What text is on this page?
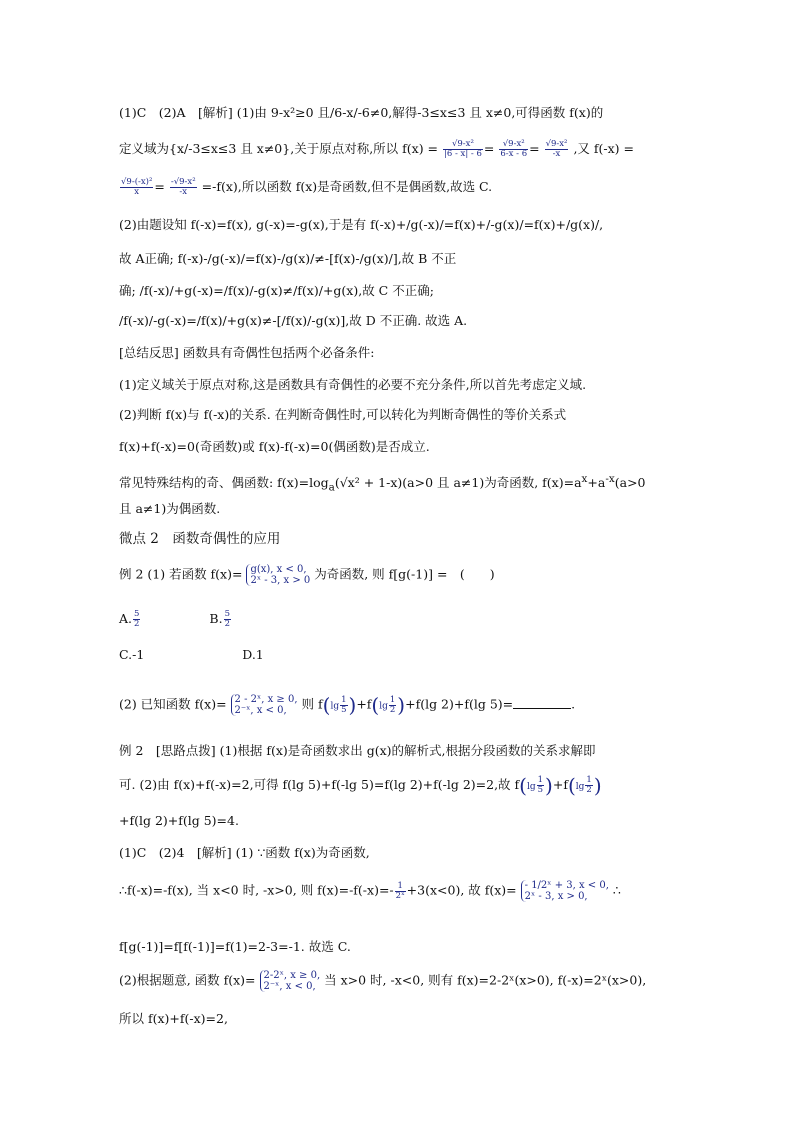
(1)C　(2)A　[解析] (1)由 9-x²≥0 且/6-x/-6≠0,解得-3≤x≤3 且 x≠0,可得函数 f(x)的
定义域为{x/-3≤x≤3 且 x≠0},关于原点对称,所以 $f(x) = \frac{\text{√9-x²}}{|6 - x| - 6} = \frac{\text{√9-x²}}{6-x - 6} = \frac{\text{√9-x²}}{-x}$ ,又 f(-x) =
$\frac{\text{√9-(-x)²}}{x} = \frac{\text{-√9-x²}}{-x} =-f(x)$,所以函数 f(x)是奇函数,但不是偶函数,故选 C.
(2)由题设知 f(-x)=f(x), g(-x)=-g(x),于是有 f(-x)+/g(-x)/=f(x)+/-g(x)/=f(x)+/g(x)/,
故 A正确; f(-x)-/g(-x)/=f(x)-/g(x)/≠-[f(x)-/g(x)/],故 B 不正
确; /f(-x)/+g(-x)=/f(x)/-g(x)≠/f(x)/+g(x),故 C 不正确;
/f(-x)/-g(-x)=/f(x)/+g(x)≠-[/f(x)/-g(x)],故 D 不正确. 故选 A.
[总结反思] 函数具有奇偶性包括两个必备条件:
(1)定义域关于原点对称,这是函数具有奇偶性的必要不充分条件,所以首先考虑定义域.
(2)判断 f(x)与 f(-x)的关系. 在判断奇偶性时,可以转化为判断奇偶性的等价关系式
f(x)+f(-x)=0(奇函数)或 f(x)-f(-x)=0(偶函数)是否成立.
常见特殊结构的奇、偶函数: $f(x)=\log_a(√x^2 + 1-x)(a>0$ 且 a≠1)为奇函数, $f(x)=a^x+a^{-x}(a>0$
且 a≠1)为偶函数.
微点 2　函数奇偶性的应用
例 2 (1) 若函数 f(x)= g(x), x < 0,
2ˣ - 3, x > 0 为奇函数, 则 f[g(-1)] =　(　　)
A. $\frac{5}{2}$	B. $\frac{5}{2}$
C.-1	D.1
(2) 已知函数 f(x)= 2 - 2ˣ, x ≥ 0,
2⁻ˣ, x < 0,	则 $f(\lg \frac{1}{5} )+f(\lg \frac{1}{2} )+f(\lg$ 2)+f(lg 5)=	.
例 2　[思路点拨] (1)根据 f(x)是奇函数求出 g(x)的解析式,根据分段函数的关系求解即
可. (2)由 f(x)+f(-x)=2,可得 f(lg 5)+f(-lg 5)=f(lg 2)+f(-lg 2)=2,故 $f(\lg \frac{1}{5} )+f(\lg \frac{1}{2}$ )
+f(lg 2)+f(lg 5)=4.
(1)C　(2)4　[解析] (1) ∵函数 f(x)为奇函数,
∴f(-x)=-f(x), 当 x<0 时, -x>0, 则 $f(x)=-f(-x)=- \frac{1}{\text{2ˣ}} +3(x<0)$, 故 f(x)= - 1/2ˣ + 3, x < 0,
2ˣ - 3, x > 0,	∴
f[g(-1)]=f[f(-1)]=f(1)=2-3=-1. 故选 C.
(2)根据题意, 函数 f(x)= 2-2ˣ, x ≥ 0,
2⁻ˣ, x < 0, 当 x>0 时, -x<0, 则有 f(x)=2-2ˣ(x>0), f(-x)=2ˣ(x>0),
所以 f(x)+f(-x)=2,
